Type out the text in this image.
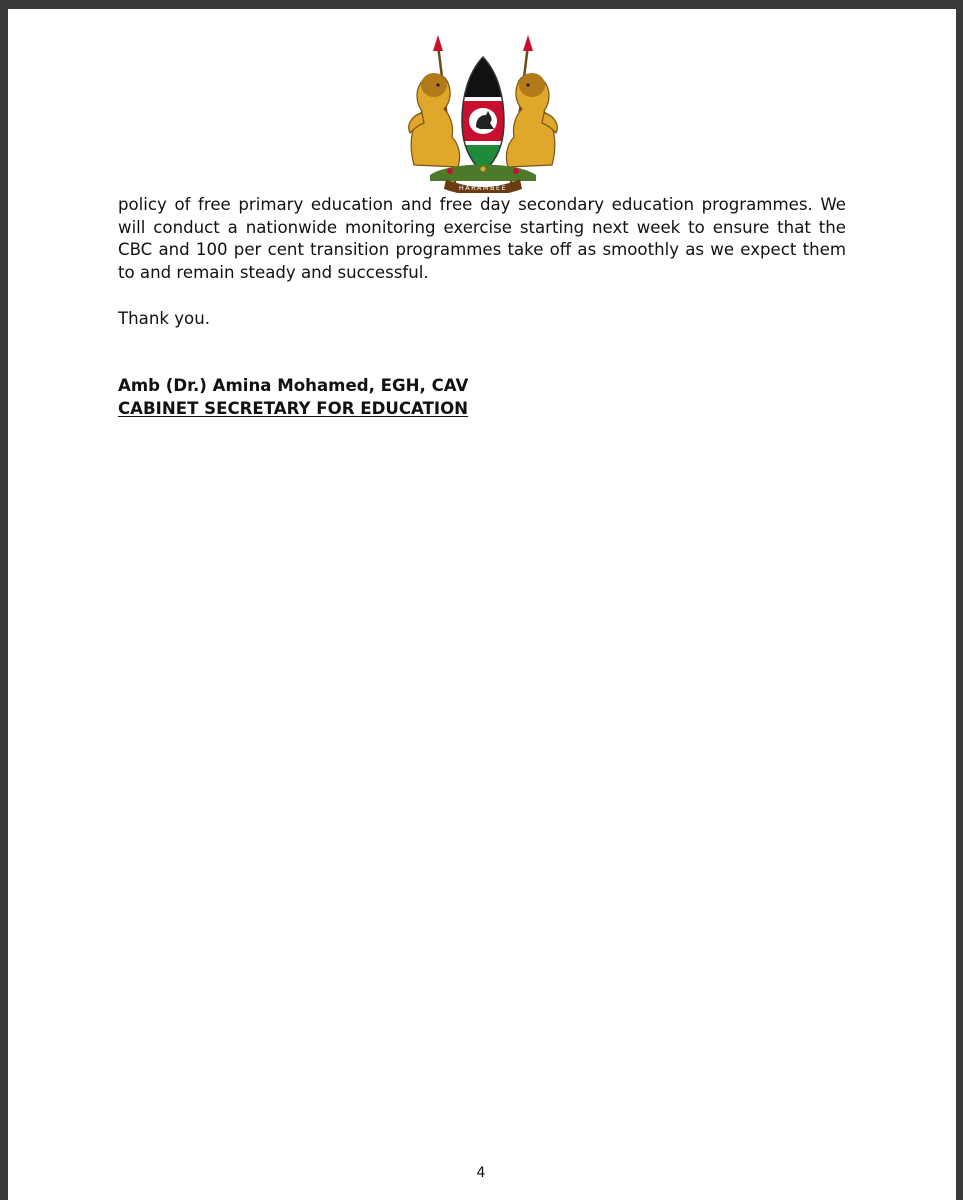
HARAMBEE

policy of free primary education and free day secondary education programmes. We will conduct a nationwide monitoring exercise starting next week to ensure that the CBC and 100 per cent transition programmes take off as smoothly as we expect them to and remain steady and successful.

Thank you.

Amb (Dr.) Amina Mohamed, EGH, CAV

CABINET SECRETARY FOR EDUCATION

4
